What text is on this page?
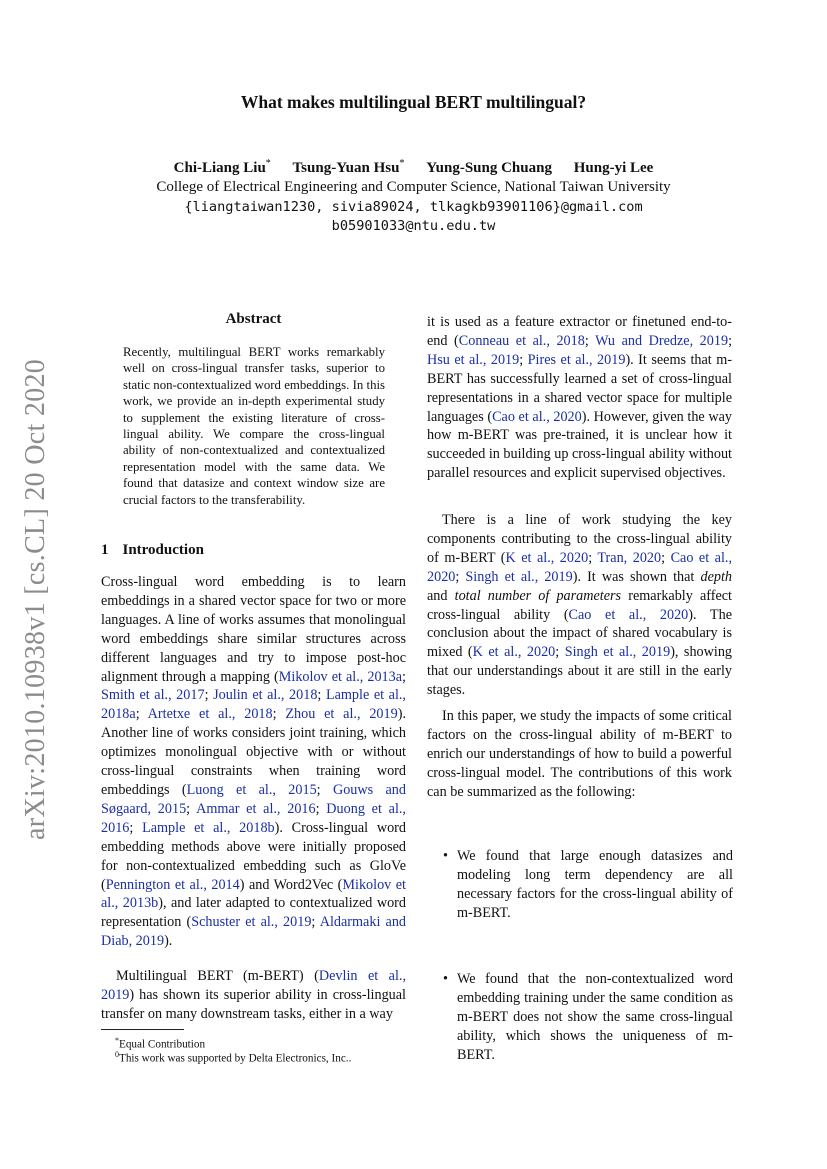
arXiv:2010.10938v1 [cs.CL] 20 Oct 2020
What makes multilingual BERT multilingual?
Chi-Liang Liu* Tsung-Yuan Hsu* Yung-Sung Chuang Hung-yi Lee
College of Electrical Engineering and Computer Science, National Taiwan University
{liangtaiwan1230, sivia89024, tlkagkb93901106}@gmail.com
b05901033@ntu.edu.tw
Abstract

Recently, multilingual BERT works remarkably well on cross-lingual transfer tasks, superior to static non-contextualized word embeddings. In this work, we provide an in-depth experimental study to supplement the existing literature of cross-lingual ability. We compare the cross-lingual ability of non-contextualized and contextualized representation model with the same data. We found that datasize and context window size are crucial factors to the transferability.

1 Introduction

Cross-lingual word embedding is to learn embeddings in a shared vector space for two or more languages. A line of works assumes that monolingual word embeddings share similar structures across different languages and try to impose post-hoc alignment through a mapping (Mikolov et al., 2013a; Smith et al., 2017; Joulin et al., 2018; Lample et al., 2018a; Artetxe et al., 2018; Zhou et al., 2019). Another line of works considers joint training, which optimizes monolingual objective with or without cross-lingual constraints when training word embeddings (Luong et al., 2015; Gouws and Søgaard, 2015; Ammar et al., 2016; Duong et al., 2016; Lample et al., 2018b). Cross-lingual word embedding methods above were initially proposed for non-contextualized embedding such as GloVe (Pennington et al., 2014) and Word2Vec (Mikolov et al., 2013b), and later adapted to contextualized word representation (Schuster et al., 2019; Aldarmaki and Diab, 2019).

Multilingual BERT (m-BERT) (Devlin et al., 2019) has shown its superior ability in cross-lingual transfer on many downstream tasks, either in a way

*Equal Contribution
$^0$This work was supported by Delta Electronics, Inc..

it is used as a feature extractor or finetuned end-to-end (Conneau et al., 2018; Wu and Dredze, 2019; Hsu et al., 2019; Pires et al., 2019). It seems that m-BERT has successfully learned a set of cross-lingual representations in a shared vector space for multiple languages (Cao et al., 2020). However, given the way how m-BERT was pre-trained, it is unclear how it succeeded in building up cross-lingual ability without parallel resources and explicit supervised objectives.

There is a line of work studying the key components contributing to the cross-lingual ability of m-BERT (K et al., 2020; Tran, 2020; Cao et al., 2020; Singh et al., 2019). It was shown that depth and total number of parameters remarkably affect cross-lingual ability (Cao et al., 2020). The conclusion about the impact of shared vocabulary is mixed (K et al., 2020; Singh et al., 2019), showing that our understandings about it are still in the early stages.

In this paper, we study the impacts of some critical factors on the cross-lingual ability of m-BERT to enrich our understandings of how to build a powerful cross-lingual model. The contributions of this work can be summarized as the following:

• We found that large enough datasizes and modeling long term dependency are all necessary factors for the cross-lingual ability of m-BERT.
• We found that the non-contextualized word embedding training under the same condition as m-BERT does not show the same cross-lingual ability, which shows the uniqueness of m-BERT.
